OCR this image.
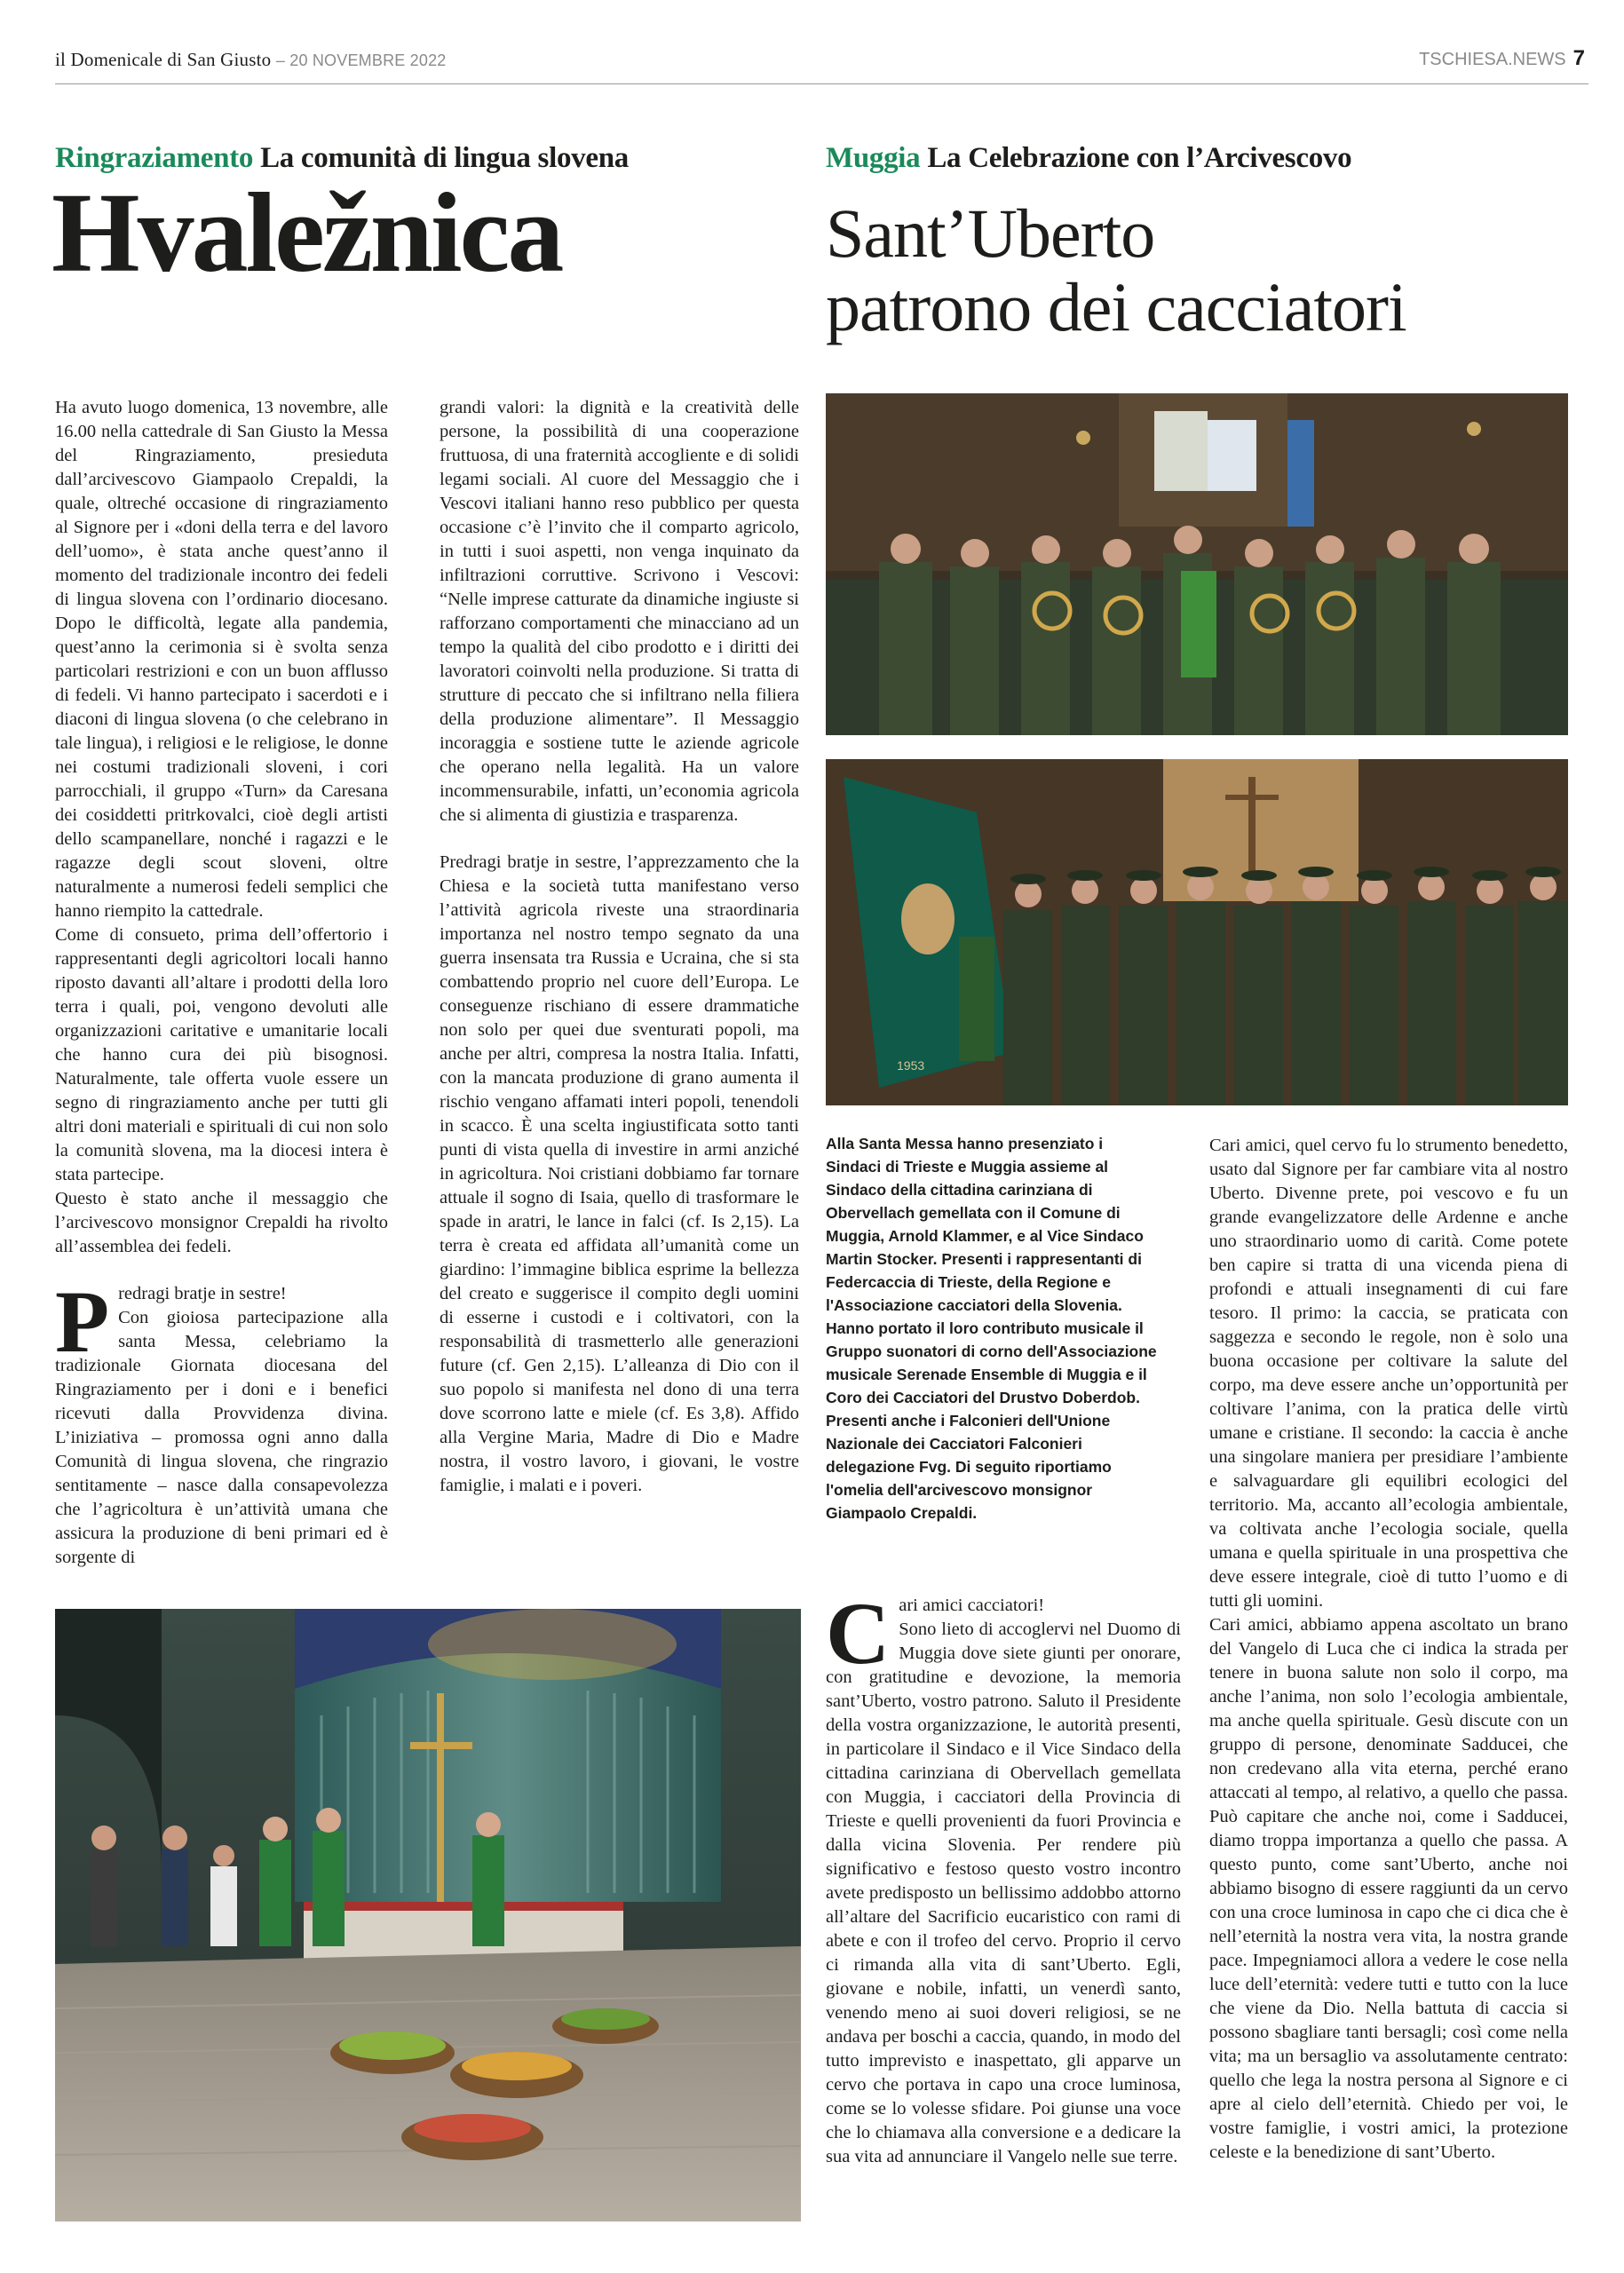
il Domenicale di San Giusto – 20 NOVEMBRE 2022	TSCHIESA.NEWS 7
Ringraziamento La comunità di lingua slovena
Hvaležnica

Ha avuto luogo domenica, 13 novembre, alle 16.00 nella cattedrale di San Giusto la Messa del Ringraziamento, presieduta dall’arcivescovo Giampaolo Crepaldi, la quale, oltreché occasione di ringraziamento al Signore per i «doni della terra e del lavoro dell’uomo», è stata anche quest’anno il momento del tradizionale incontro dei fedeli di lingua slovena con l’ordinario diocesano. Dopo le difficoltà, legate alla pandemia, quest’anno la cerimonia si è svolta senza particolari restrizioni e con un buon afflusso di fedeli. Vi hanno partecipato i sacerdoti e i diaconi di lingua slovena (o che celebrano in tale lingua), i religiosi e le religiose, le donne nei costumi tradizionali sloveni, i cori parrocchiali, il gruppo «Turn» da Caresana dei cosiddetti pritrkovalci, cioè degli artisti dello scampanellare, nonché i ragazzi e le ragazze degli scout sloveni, oltre naturalmente a numerosi fedeli semplici che hanno riempito la cattedrale.

Come di consueto, prima dell’offertorio i rappresentanti degli agricoltori locali hanno riposto davanti all’altare i prodotti della loro terra i quali, poi, vengono devoluti alle organizzazioni caritative e umanitarie locali che hanno cura dei più bisognosi. Naturalmente, tale offerta vuole essere un segno di ringraziamento anche per tutti gli altri doni materiali e spirituali di cui non solo la comunità slovena, ma la diocesi intera è stata partecipe.

Questo è stato anche il messaggio che l’arcivescovo monsignor Crepaldi ha rivolto all’assemblea dei fedeli.

Predragi bratje in sestre!
Con gioiosa partecipazione alla santa Messa, celebriamo la tradizionale Giornata diocesana del Ringraziamento per i doni e i benefici ricevuti dalla Provvidenza divina. L’iniziativa – promossa ogni anno dalla Comunità di lingua slovena, che ringrazio sentitamente – nasce dalla consapevolezza che l’agricoltura è un’attività umana che assicura la produzione di beni primari ed è sorgente di

grandi valori: la dignità e la creatività delle persone, la possibilità di una cooperazione fruttuosa, di una fraternità accogliente e di solidi legami sociali. Al cuore del Messaggio che i Vescovi italiani hanno reso pubblico per questa occasione c’è l’invito che il comparto agricolo, in tutti i suoi aspetti, non venga inquinato da infiltrazioni corruttive. Scrivono i Vescovi: “Nelle imprese catturate da dinamiche ingiuste si rafforzano comportamenti che minacciano ad un tempo la qualità del cibo prodotto e i diritti dei lavoratori coinvolti nella produzione. Si tratta di strutture di peccato che si infiltrano nella filiera della produzione alimentare”. Il Messaggio incoraggia e sostiene tutte le aziende agricole che operano nella legalità. Ha un valore incommensurabile, infatti, un’economia agricola che si alimenta di giustizia e trasparenza.

Predragi bratje in sestre, l’apprezzamento che la Chiesa e la società tutta manifestano verso l’attività agricola riveste una straordinaria importanza nel nostro tempo segnato da una guerra insensata tra Russia e Ucraina, che si sta combattendo proprio nel cuore dell’Europa. Le conseguenze rischiano di essere drammatiche non solo per quei due sventurati popoli, ma anche per altri, compresa la nostra Italia. Infatti, con la mancata produzione di grano aumenta il rischio vengano affamati interi popoli, tenendoli in scacco. È una scelta ingiustificata sotto tanti punti di vista quella di investire in armi anziché in agricoltura. Noi cristiani dobbiamo far tornare attuale il sogno di Isaia, quello di trasformare le spade in aratri, le lance in falci (cf. Is 2,15). La terra è creata ed affidata all’umanità come un giardino: l’immagine biblica esprime la bellezza del creato e suggerisce il compito degli uomini di esserne i custodi e i coltivatori, con la responsabilità di trasmetterlo alle generazioni future (cf. Gen 2,15). L’alleanza di Dio con il suo popolo si manifesta nel dono di una terra dove scorrono latte e miele (cf. Es 3,8). Affido alla Vergine Maria, Madre di Dio e Madre nostra, il vostro lavoro, i giovani, le vostre famiglie, i malati e i poveri.

Muggia La Celebrazione con l’Arcivescovo
Sant’Uberto
patrono dei cacciatori
1953
Alla Santa Messa hanno presenziato i Sindaci di Trieste e Muggia assieme al Sindaco della cittadina carinziana di Obervellach gemellata con il Comune di Muggia, Arnold Klammer, e al Vice Sindaco Martin Stocker. Presenti i rappresentanti di Federcaccia di Trieste, della Regione e l'Associazione cacciatori della Slovenia. Hanno portato il loro contributo musicale il Gruppo suonatori di corno dell'Associazione musicale Serenade Ensemble di Muggia e il Coro dei Cacciatori del Drustvo Doberdob. Presenti anche i Falconieri dell'Unione Nazionale dei Cacciatori Falconieri delegazione Fvg. Di seguito riportiamo l'omelia dell'arcivescovo monsignor Giampaolo Crepaldi.

Cari amici cacciatori!
Sono lieto di accoglervi nel Duomo di Muggia dove siete giunti per onorare, con gratitudine e devozione, la memoria sant’Uberto, vostro patrono. Saluto il Presidente della vostra organizzazione, le autorità presenti, in particolare il Sindaco e il Vice Sindaco della cittadina carinziana di Obervellach gemellata con Muggia, i cacciatori della Provincia di Trieste e quelli provenienti da fuori Provincia e dalla vicina Slovenia. Per rendere più significativo e festoso questo vostro incontro avete predisposto un bellissimo addobbo attorno all’altare del Sacrificio eucaristico con rami di abete e con il trofeo del cervo. Proprio il cervo ci rimanda alla vita di sant’Uberto. Egli, giovane e nobile, infatti, un venerdì santo, venendo meno ai suoi doveri religiosi, se ne andava per boschi a caccia, quando, in modo del tutto imprevisto e inaspettato, gli apparve un cervo che portava in capo una croce luminosa, come se lo volesse sfidare. Poi giunse una voce che lo chiamava alla conversione e a dedicare la sua vita ad annunciare il Vangelo nelle sue terre.

Cari amici, quel cervo fu lo strumento benedetto, usato dal Signore per far cambiare vita al nostro Uberto. Divenne prete, poi vescovo e fu un grande evangelizzatore delle Ardenne e anche uno straordinario uomo di carità. Come potete ben capire si tratta di una vicenda piena di profondi e attuali insegnamenti di cui fare tesoro. Il primo: la caccia, se praticata con saggezza e secondo le regole, non è solo una buona occasione per coltivare la salute del corpo, ma deve essere anche un’opportunità per coltivare l’anima, con la pratica delle virtù umane e cristiane. Il secondo: la caccia è anche una singolare maniera per presidiare l’ambiente e salvaguardare gli equilibri ecologici del territorio. Ma, accanto all’ecologia ambientale, va coltivata anche l’ecologia sociale, quella umana e quella spirituale in una prospettiva che deve essere integrale, cioè di tutto l’uomo e di tutti gli uomini.

Cari amici, abbiamo appena ascoltato un brano del Vangelo di Luca che ci indica la strada per tenere in buona salute non solo il corpo, ma anche l’anima, non solo l’ecologia ambientale, ma anche quella spirituale. Gesù discute con un gruppo di persone, denominate Sadducei, che non credevano alla vita eterna, perché erano attaccati al tempo, al relativo, a quello che passa. Può capitare che anche noi, come i Sadducei, diamo troppa importanza a quello che passa. A questo punto, come sant’Uberto, anche noi abbiamo bisogno di essere raggiunti da un cervo con una croce luminosa in capo che ci dica che è nell’eternità la nostra vera vita, la nostra grande pace. Impegniamoci allora a vedere le cose nella luce dell’eternità: vedere tutti e tutto con la luce che viene da Dio. Nella battuta di caccia si possono sbagliare tanti bersagli; così come nella vita; ma un bersaglio va assolutamente centrato: quello che lega la nostra persona al Signore e ci apre al cielo dell’eternità. Chiedo per voi, le vostre famiglie, i vostri amici, la protezione celeste e la benedizione di sant’Uberto.
